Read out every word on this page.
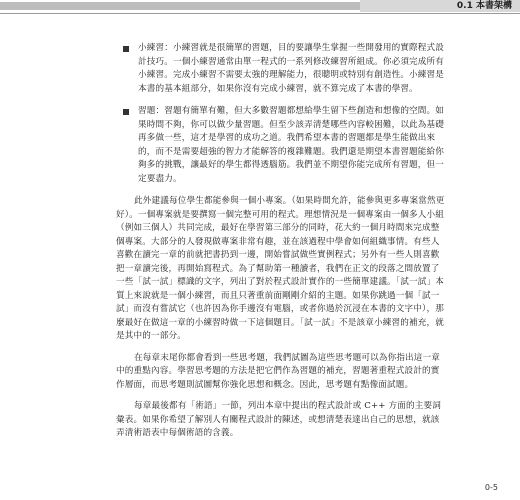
0.1 本書架構
小練習：小練習就是很簡單的習題，目的要讓學生掌握一些開發用的實際程式設計技巧。一個小練習通常由單一程式的一系列修改練習所組成。你必須完成所有小練習。完成小練習不需要太強的理解能力，很聰明或特別有創造性。小練習是本書的基本組部分，如果你沒有完成小練習，就不算完成了本書的學習。
習題：習題有簡單有難，但大多數習題都想給學生留下些創造和想像的空間。如果時間不夠，你可以做少量習題。但至少該弄清楚哪些內容較困難，以此為基礎再多做一些，這才是學習的成功之道。我們希望本書的習題都是學生能做出來的，而不是需要超強的智力才能解答的複雜難題。我們還是期望本書習題能給你夠多的挑戰，讓最好的學生都得透腦筋。我們並不期望你能完成所有習題，但一定要盡力。

此外建議每位學生都能參與一個小專案。（如果時間允許，能參與更多專案當然更好）。一個專案就是要撰寫一個完整可用的程式。理想情況是一個專案由一個多人小組（例如三個人）共同完成，最好在學習第三部分的同時，花大約一個月時間來完成整個專案。大部分的人發現做專案非常有趣，並在該過程中學會如何組織事情。有些人喜歡在讀完一章的前就把書扔到一邊，開始嘗試做些實例程式；另外有一些人則喜歡把一章讀完後，再開始寫程式。為了幫助第一種讀者，我們在正文的段落之間放置了一些「試一試」標識的文字，列出了對於程式設計實作的一些簡單建議。「試一試」本質上來說就是一個小練習，而且只著重前面剛剛介紹的主題。如果你跳過一個「試一試」而沒有嘗試它（也許因為你手邊沒有電腦，或者你過於沉浸在本書的文字中），那麼最好在做這一章的小練習時做一下這個題目。「試一試」不是該章小練習的補充，就是其中的一部分。

在每章末尾你都會看到一些思考題，我們試圖為這些思考題可以為你指出這一章中的重點內容。學習思考題的方法是把它們作為習題的補充，習題著重程式設計的實作層面，而思考題則試圖幫你強化思想和概念。因此，思考題有點像面試題。

每章最後都有「術語」一節，列出本章中提出的程式設計或 C++ 方面的主要詞彙表。如果你希望了解別人有關程式設計的陳述，或想清楚表達出自己的思想，就該弄清術語表中每個術語的含義。

0-5
